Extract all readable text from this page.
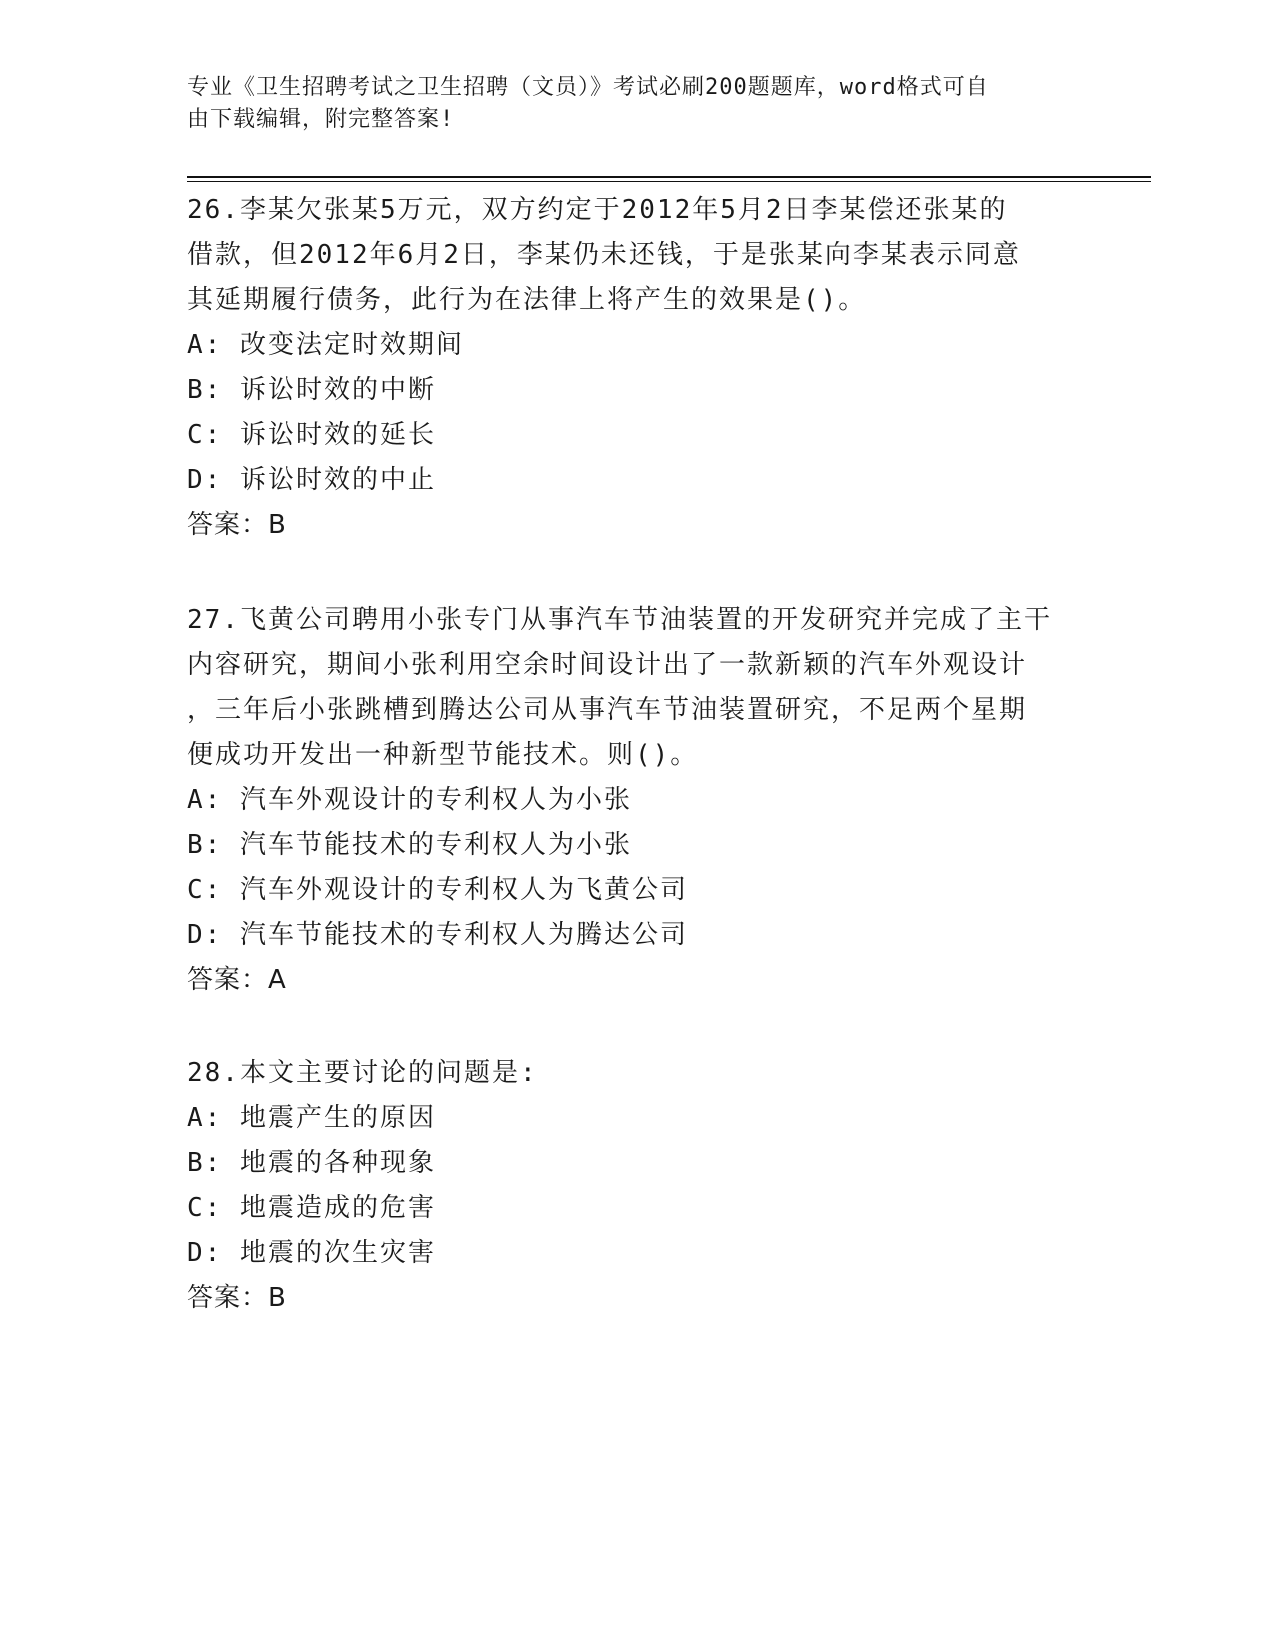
专业《卫生招聘考试之卫生招聘（文员）》考试必刷200题题库，word格式可自
由下载编辑，附完整答案!
26.李某欠张某5万元，双方约定于2012年5月2日李某偿还张某的
借款，但2012年6月2日，李某仍未还钱，于是张某向李某表示同意
其延期履行债务，此行为在法律上将产生的效果是()。
A: 改变法定时效期间
B: 诉讼时效的中断
C: 诉讼时效的延长
D: 诉讼时效的中止
答案：B
27.飞黄公司聘用小张专门从事汽车节油装置的开发研究并完成了主干
内容研究，期间小张利用空余时间设计出了一款新颖的汽车外观设计
，三年后小张跳槽到腾达公司从事汽车节油装置研究，不足两个星期
便成功开发出一种新型节能技术。则()。
A: 汽车外观设计的专利权人为小张
B: 汽车节能技术的专利权人为小张
C: 汽车外观设计的专利权人为飞黄公司
D: 汽车节能技术的专利权人为腾达公司
答案：A
28.本文主要讨论的问题是:
A: 地震产生的原因
B: 地震的各种现象
C: 地震造成的危害
D: 地震的次生灾害
答案：B
